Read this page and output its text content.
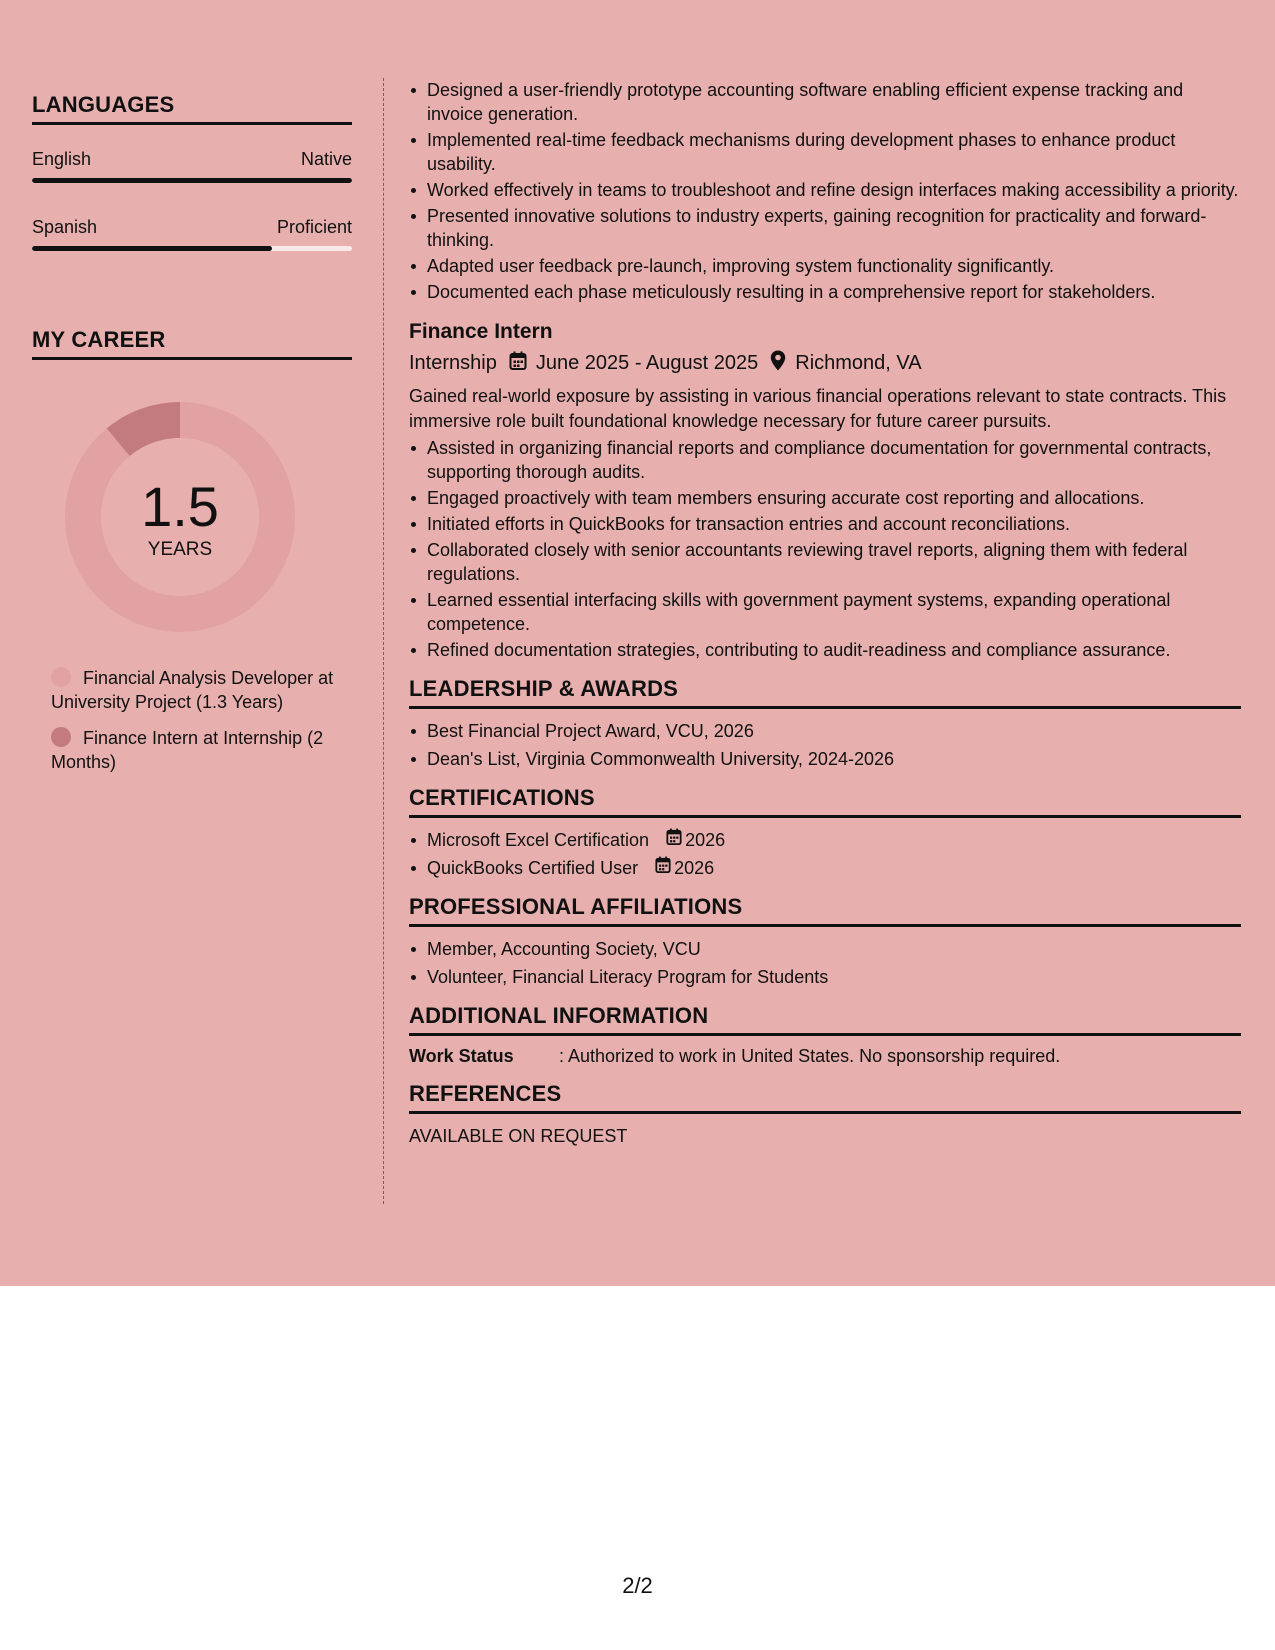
LANGUAGES
English	Native
Spanish	Proficient
MY CAREER
1.5
YEARS
Financial Analysis Developer at University Project (1.3 Years)
Finance Intern at Internship (2 Months)
Designed a user-friendly prototype accounting software enabling efficient expense tracking and invoice generation.
Implemented real-time feedback mechanisms during development phases to enhance product usability.
Worked effectively in teams to troubleshoot and refine design interfaces making accessibility a priority.
Presented innovative solutions to industry experts, gaining recognition for practicality and forward-thinking.
Adapted user feedback pre-launch, improving system functionality significantly.
Documented each phase meticulously resulting in a comprehensive report for stakeholders.
Finance Intern
Internship June 2025 - August 2025 Richmond, VA
Gained real-world exposure by assisting in various financial operations relevant to state contracts. This immersive role built foundational knowledge necessary for future career pursuits.
Assisted in organizing financial reports and compliance documentation for governmental contracts, supporting thorough audits.
Engaged proactively with team members ensuring accurate cost reporting and allocations.
Initiated efforts in QuickBooks for transaction entries and account reconciliations.
Collaborated closely with senior accountants reviewing travel reports, aligning them with federal regulations.
Learned essential interfacing skills with government payment systems, expanding operational competence.
Refined documentation strategies, contributing to audit-readiness and compliance assurance.
LEADERSHIP & AWARDS
Best Financial Project Award, VCU, 2026
Dean's List, Virginia Commonwealth University, 2024-2026
CERTIFICATIONS
Microsoft Excel Certification 2026
QuickBooks Certified User 2026
PROFESSIONAL AFFILIATIONS
Member, Accounting Society, VCU
Volunteer, Financial Literacy Program for Students
ADDITIONAL INFORMATION
Work Status	: Authorized to work in United States. No sponsorship required.
REFERENCES
AVAILABLE ON REQUEST
2/2
